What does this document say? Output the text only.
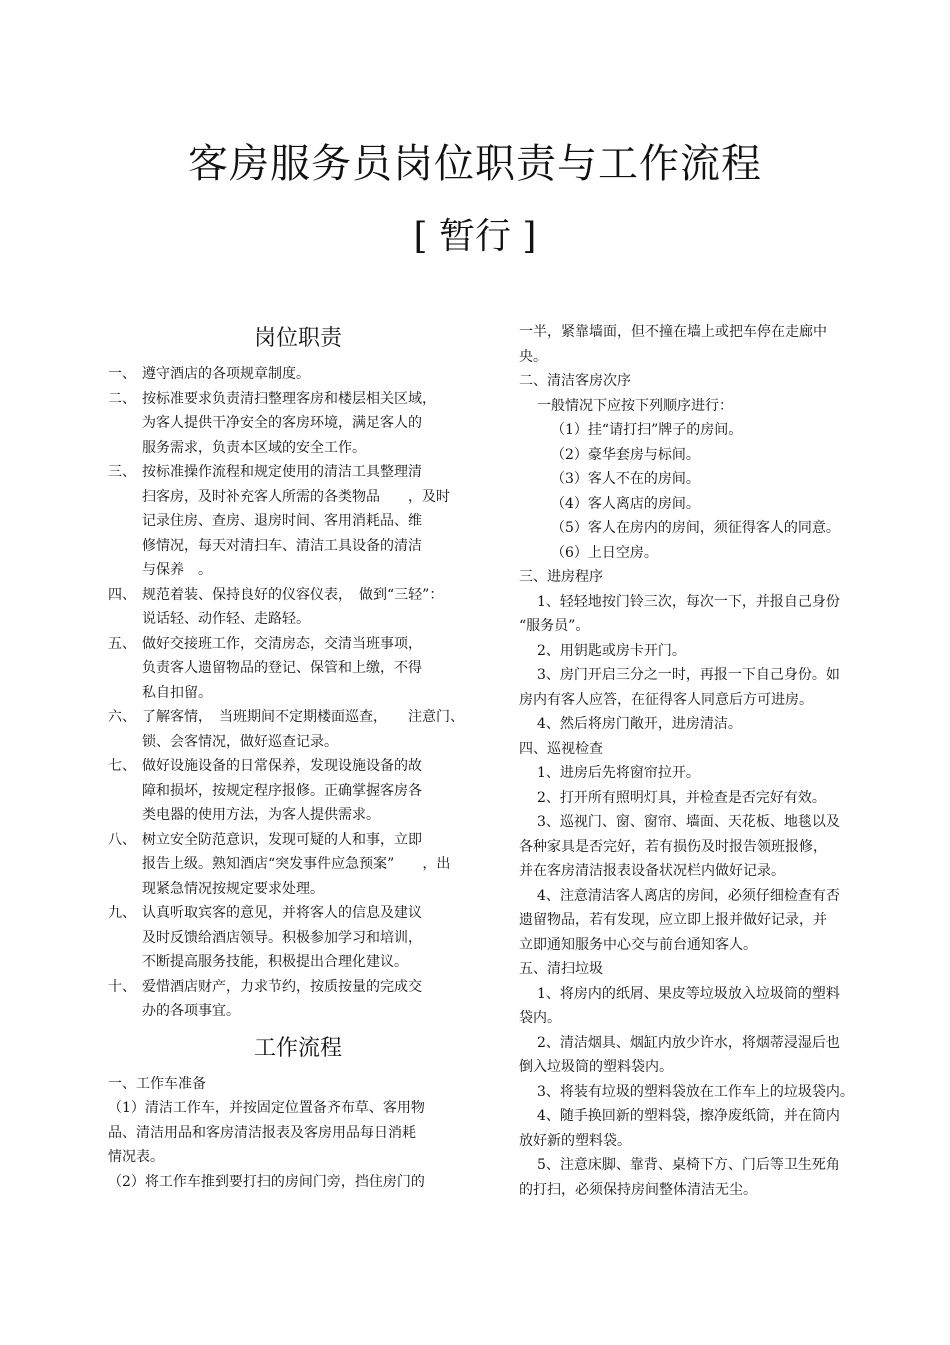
客房服务员岗位职责与工作流程
[ 暂行 ]
岗位职责
一、 遵守酒店的各项规章制度。
二、 按标准要求负责清扫整理客房和楼层相关区域，
为客人提供干净安全的客房环境，满足客人的
服务需求，负责本区域的安全工作。
三、 按标准操作流程和规定使用的清洁工具整理清
扫客房，及时补充客人所需的各类物品　　，及时
记录住房、查房、退房时间、客用消耗品、维
修情况，每天对清扫车、清洁工具设备的清洁
与保养　。
四、 规范着装、保持良好的仪容仪表，　做到“三轻”：
说话轻、动作轻、走路轻。
五、 做好交接班工作，交清房态，交清当班事项，
负责客人遗留物品的登记、保管和上缴，不得
私自扣留。
六、 了解客情，　当班期间不定期楼面巡查，　　注意门、
锁、会客情况，做好巡查记录。
七、 做好设施设备的日常保养，发现设施设备的故
障和损坏，按规定程序报修。正确掌握客房各
类电器的使用方法，为客人提供需求。
八、 树立安全防范意识，发现可疑的人和事，立即
报告上级。熟知酒店“突发事件应急预案”　　，出
现紧急情况按规定要求处理。
九、 认真听取宾客的意见，并将客人的信息及建议
及时反馈给酒店领导。积极参加学习和培训，
不断提高服务技能，积极提出合理化建议。
十、 爱惜酒店财产，力求节约，按质按量的完成交
办的各项事宜。
工作流程
一、工作车准备
（1）清洁工作车，并按固定位置备齐布草、客用物
品、清洁用品和客房清洁报表及客房用品每日消耗
情况表。
（2）将工作车推到要打扫的房间门旁，挡住房门的
一半，紧靠墙面，但不撞在墙上或把车停在走廊中
央。
二、清洁客房次序
一般情况下应按下列顺序进行：
（1）挂“请打扫”牌子的房间。
（2）豪华套房与标间。
（3）客人不在的房间。
（4）客人离店的房间。
（5）客人在房内的房间，须征得客人的同意。
（6）上日空房。
三、进房程序
1、轻轻地按门铃三次，每次一下，并报自己身份
“服务员”。
2、用钥匙或房卡开门。
3、房门开启三分之一时，再报一下自己身份。如
房内有客人应答，在征得客人同意后方可进房。
4、然后将房门敞开，进房清洁。
四、巡视检查
1、进房后先将窗帘拉开。
2、打开所有照明灯具，并检查是否完好有效。
3、巡视门、窗、窗帘、墙面、天花板、地毯以及
各种家具是否完好，若有损伤及时报告领班报修，
并在客房清洁报表设备状况栏内做好记录。
4、注意清洁客人离店的房间，必须仔细检查有否
遗留物品，若有发现，应立即上报并做好记录，并
立即通知服务中心交与前台通知客人。
五、清扫垃圾
1、将房内的纸屑、果皮等垃圾放入垃圾筒的塑料
袋内。
2、清洁烟具、烟缸内放少许水，将烟蒂浸湿后也
倒入垃圾筒的塑料袋内。
3、将装有垃圾的塑料袋放在工作车上的垃圾袋内。
4、随手换回新的塑料袋，擦净废纸筒，并在筒内
放好新的塑料袋。
5、注意床脚、靠背、桌椅下方、门后等卫生死角
的打扫，必须保持房间整体清洁无尘。
